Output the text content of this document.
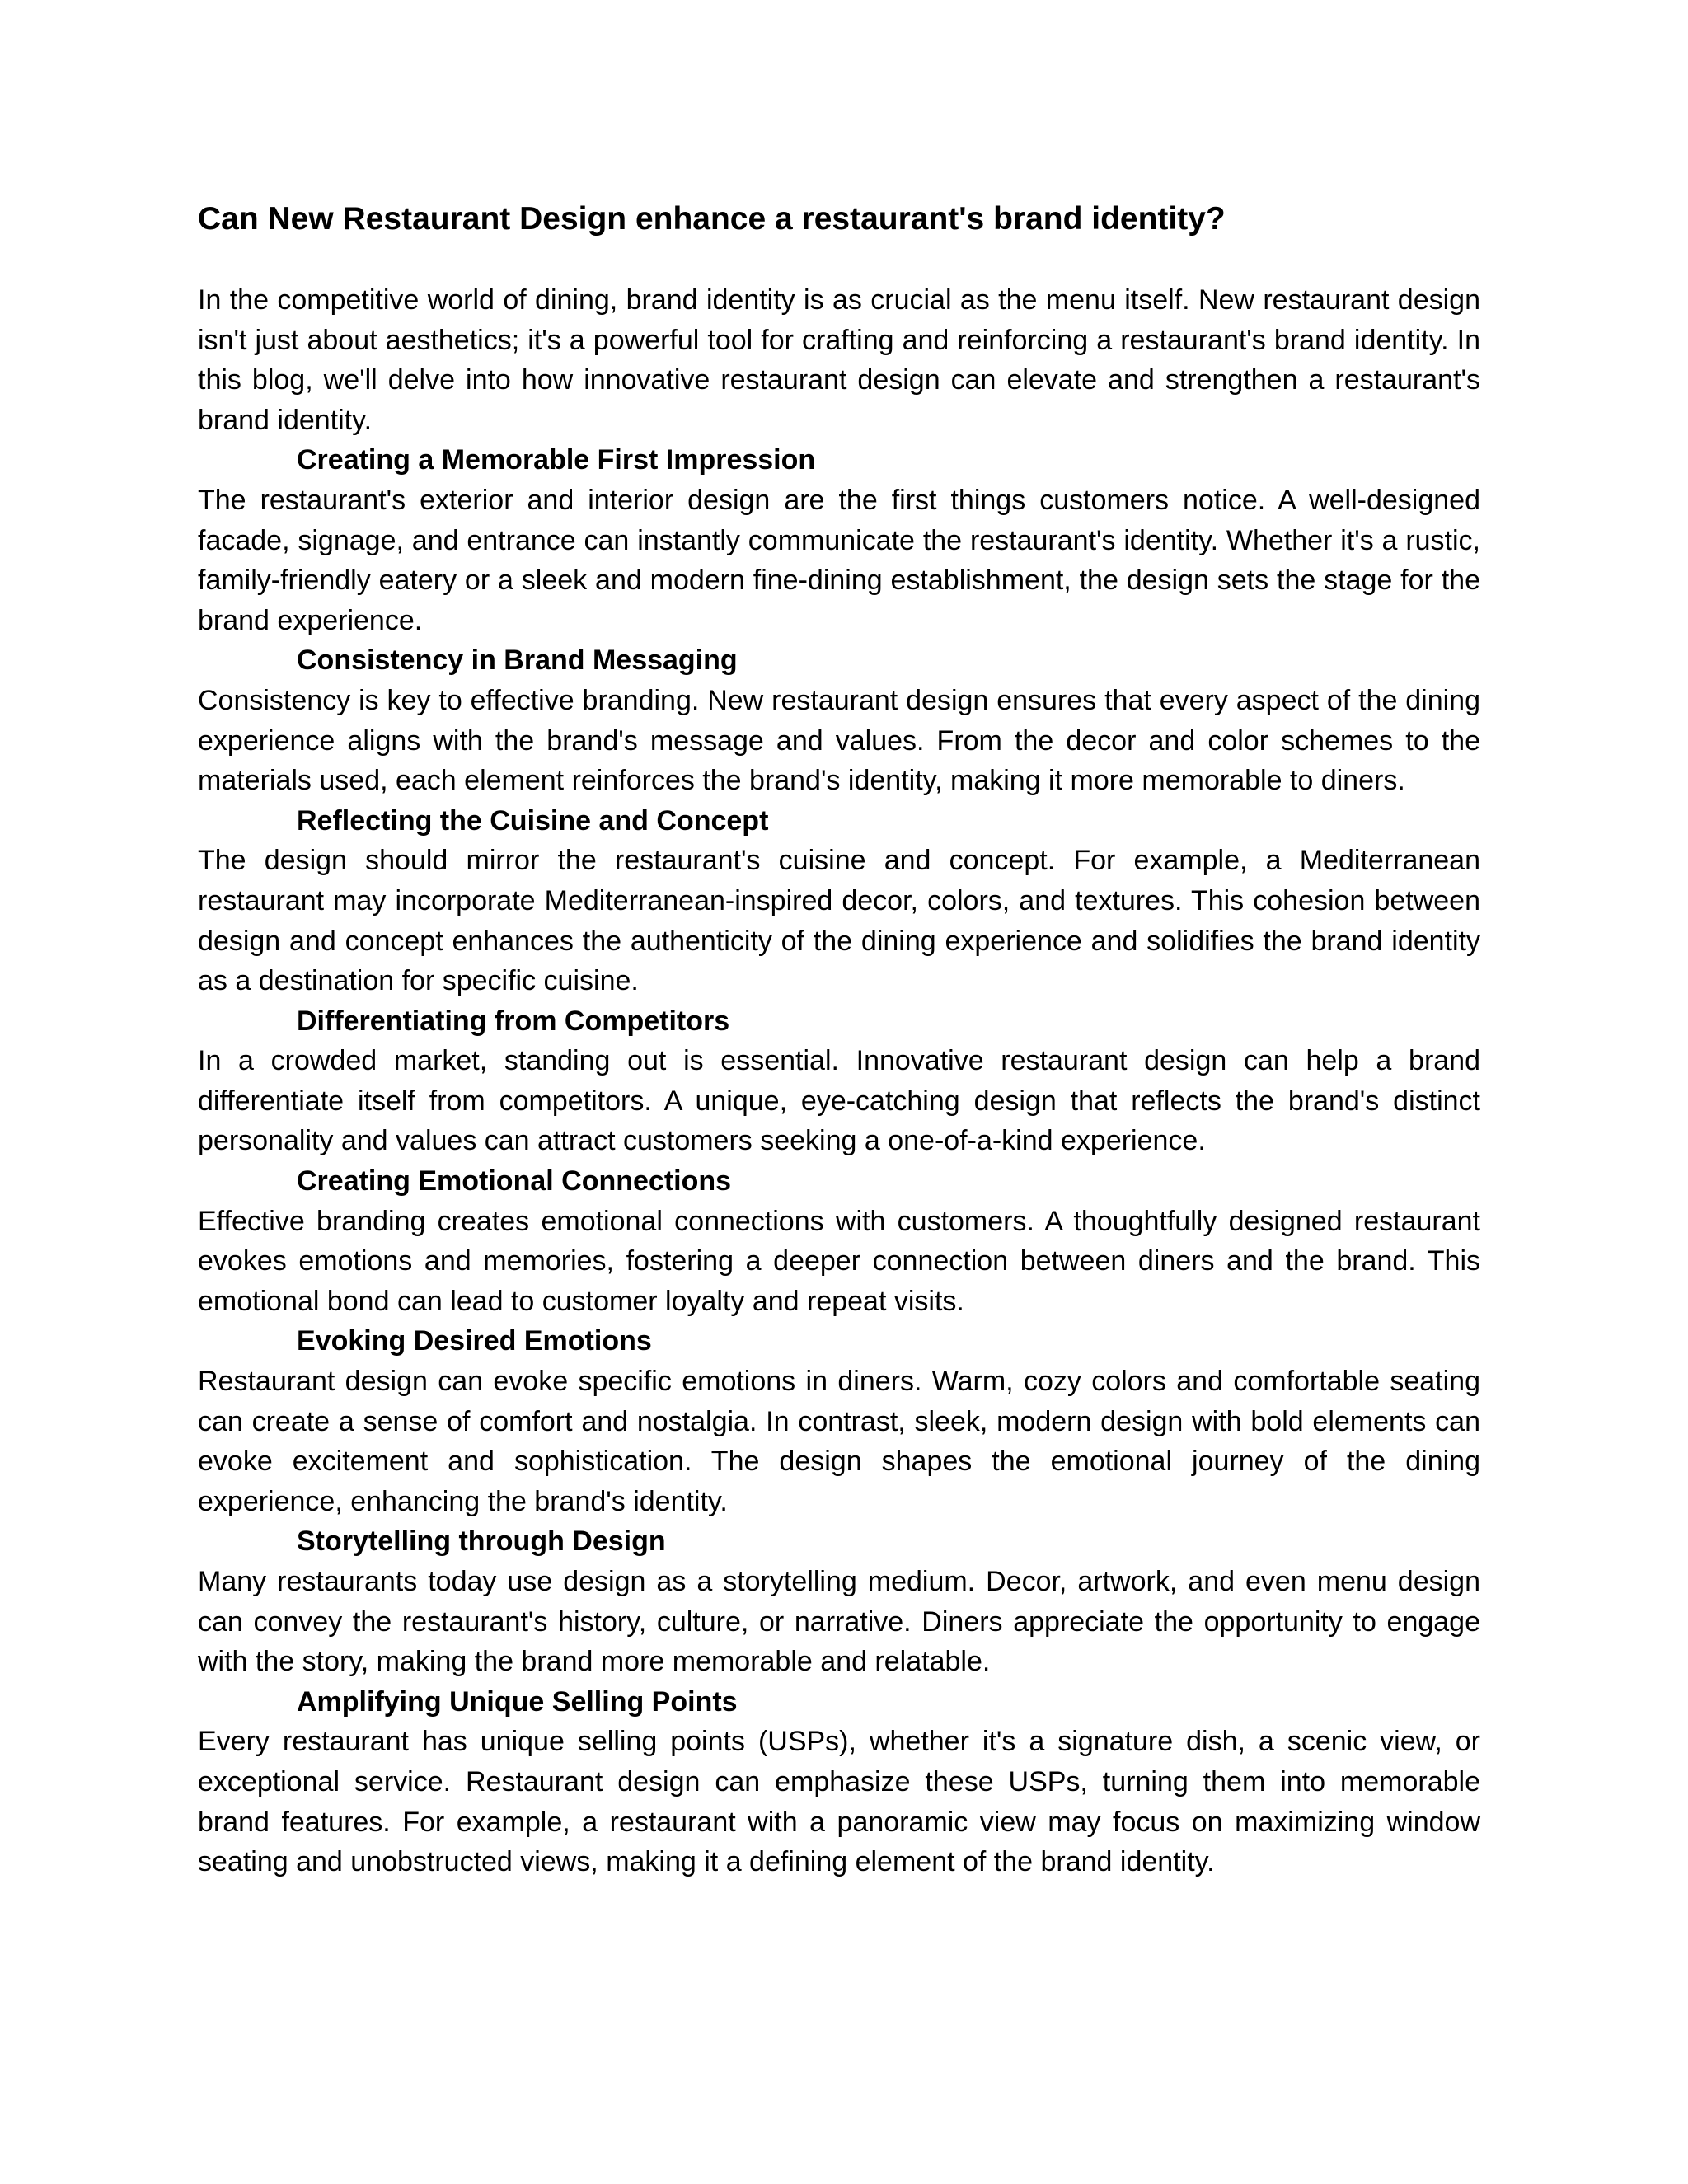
Can New Restaurant Design enhance a restaurant's brand identity?

In the competitive world of dining, brand identity is as crucial as the menu itself. New restaurant design isn't just about aesthetics; it's a powerful tool for crafting and reinforcing a restaurant's brand identity. In this blog, we'll delve into how innovative restaurant design can elevate and strengthen a restaurant's brand identity.

Creating a Memorable First Impression

The restaurant's exterior and interior design are the first things customers notice. A well-designed facade, signage, and entrance can instantly communicate the restaurant's identity. Whether it's a rustic, family-friendly eatery or a sleek and modern fine-dining establishment, the design sets the stage for the brand experience.

Consistency in Brand Messaging

Consistency is key to effective branding. New restaurant design ensures that every aspect of the dining experience aligns with the brand's message and values. From the decor and color schemes to the materials used, each element reinforces the brand's identity, making it more memorable to diners.

Reflecting the Cuisine and Concept

The design should mirror the restaurant's cuisine and concept. For example, a Mediterranean restaurant may incorporate Mediterranean-inspired decor, colors, and textures. This cohesion between design and concept enhances the authenticity of the dining experience and solidifies the brand identity as a destination for specific cuisine.

Differentiating from Competitors

In a crowded market, standing out is essential. Innovative restaurant design can help a brand differentiate itself from competitors. A unique, eye-catching design that reflects the brand's distinct personality and values can attract customers seeking a one-of-a-kind experience.

Creating Emotional Connections

Effective branding creates emotional connections with customers. A thoughtfully designed restaurant evokes emotions and memories, fostering a deeper connection between diners and the brand. This emotional bond can lead to customer loyalty and repeat visits.

Evoking Desired Emotions

Restaurant design can evoke specific emotions in diners. Warm, cozy colors and comfortable seating can create a sense of comfort and nostalgia. In contrast, sleek, modern design with bold elements can evoke excitement and sophistication. The design shapes the emotional journey of the dining experience, enhancing the brand's identity.

Storytelling through Design

Many restaurants today use design as a storytelling medium. Decor, artwork, and even menu design can convey the restaurant's history, culture, or narrative. Diners appreciate the opportunity to engage with the story, making the brand more memorable and relatable.

Amplifying Unique Selling Points

Every restaurant has unique selling points (USPs), whether it's a signature dish, a scenic view, or exceptional service. Restaurant design can emphasize these USPs, turning them into memorable brand features. For example, a restaurant with a panoramic view may focus on maximizing window seating and unobstructed views, making it a defining element of the brand identity.
